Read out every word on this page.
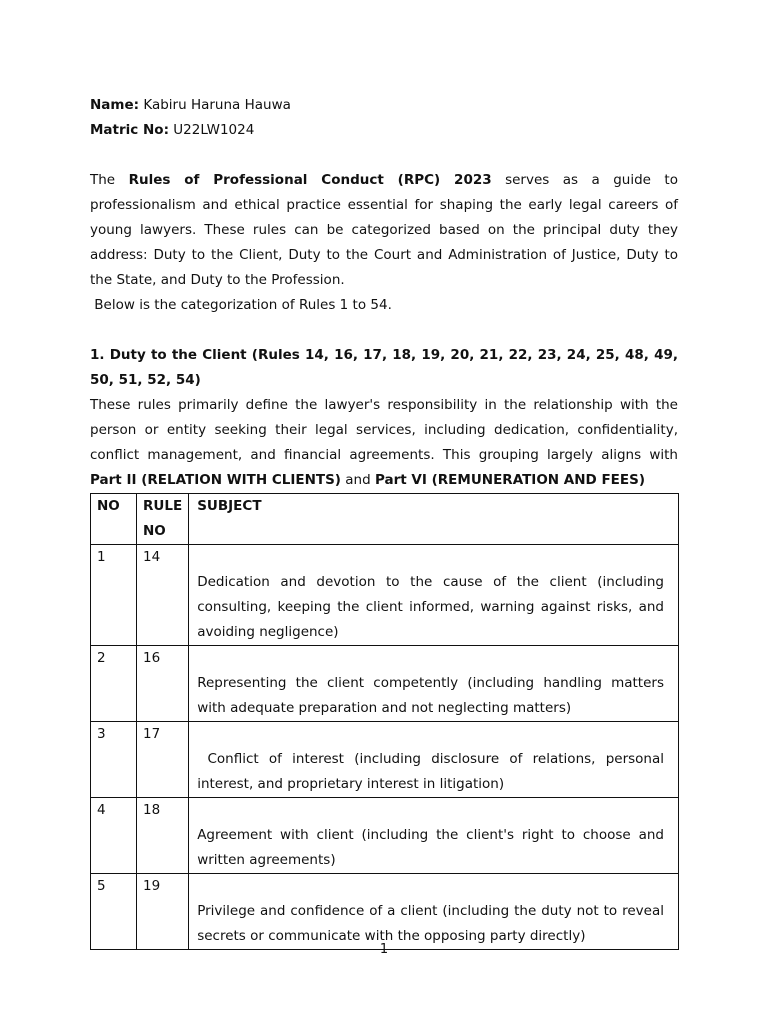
Name: Kabiru Haruna Hauwa

Matric No: U22LW1024

The Rules of Professional Conduct (RPC) 2023 serves as a guide to professionalism and ethical practice essential for shaping the early legal careers of young lawyers. These rules can be categorized based on the principal duty they address: Duty to the Client, Duty to the Court and Administration of Justice, Duty to the State, and Duty to the Profession.

Below is the categorization of Rules 1 to 54.

1. Duty to the Client (Rules 14, 16, 17, 18, 19, 20, 21, 22, 23, 24, 25, 48, 49, 50, 51, 52, 54)

These rules primarily define the lawyer's responsibility in the relationship with the person or entity seeking their legal services, including dedication, confidentiality, conflict management, and financial agreements. This grouping largely aligns with Part II (RELATION WITH CLIENTS) and Part VI (REMUNERATION AND FEES)

NO	RULE NO	SUBJECT
1	14	Dedication and devotion to the cause of the client (including consulting, keeping the client informed, warning against risks, and avoiding negligence)

2	16	Representing the client competently (including handling matters with adequate preparation and not neglecting matters)

3	17	Conflict of interest (including disclosure of relations, personal interest, and proprietary interest in litigation)

4	18	Agreement with client (including the client's right to choose and written agreements)

5	19	Privilege and confidence of a client (including the duty not to reveal secrets or communicate with the opposing party directly)
1
